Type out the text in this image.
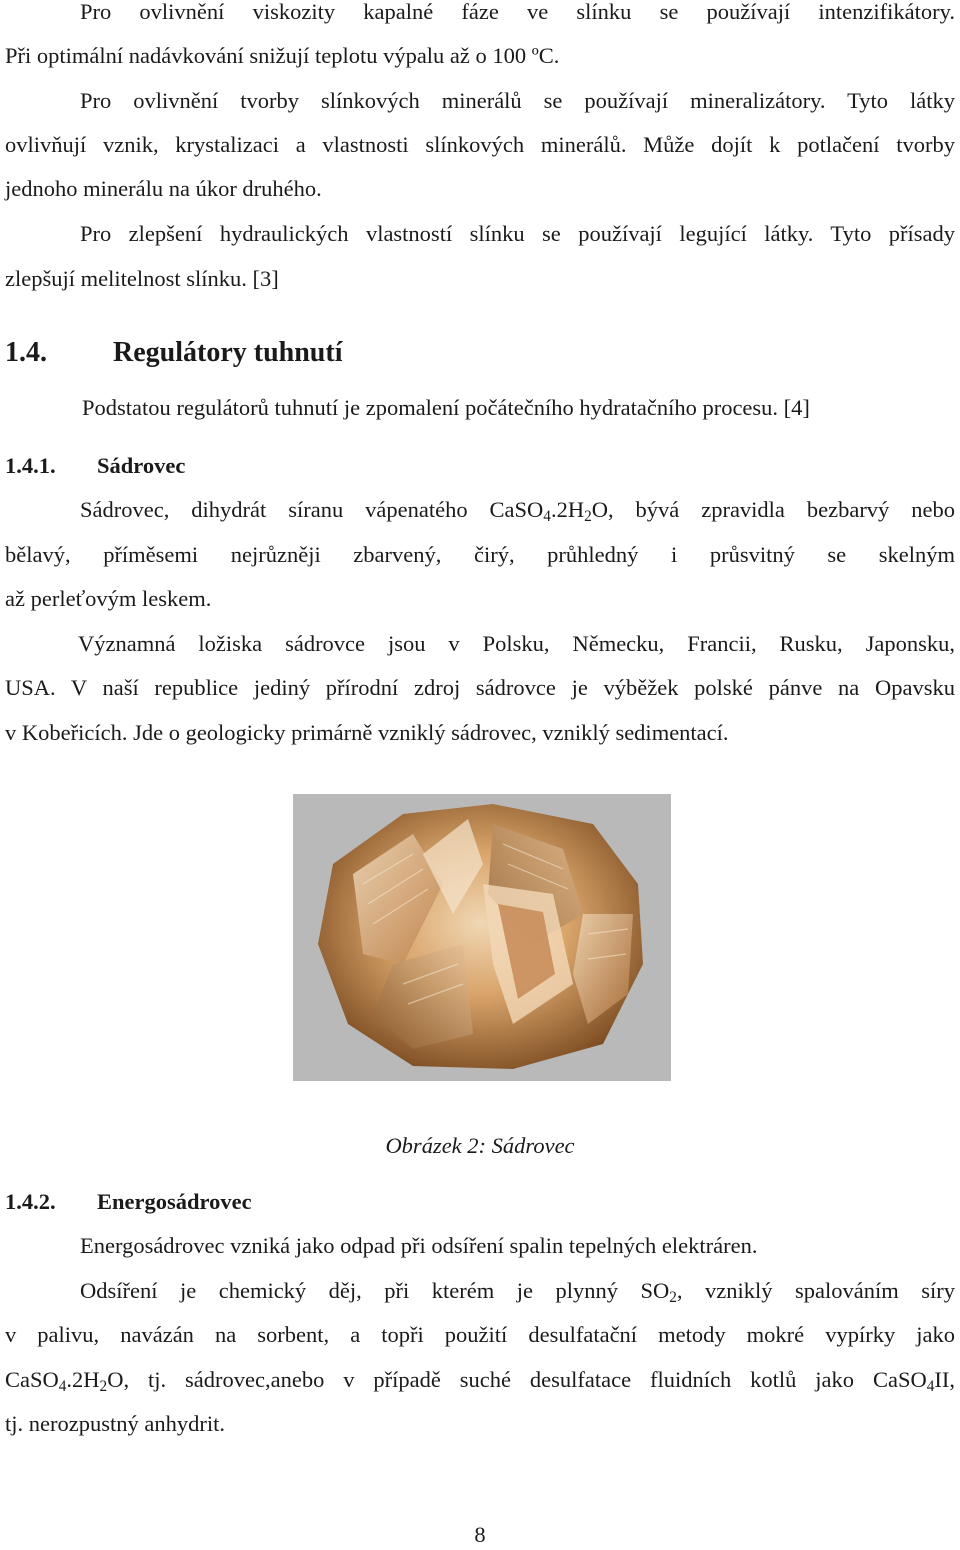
Pro ovlivnění viskozity kapalné fáze ve slínku se používají intenzifikátory.
Při optimální nadávkování snižují teplotu výpalu až o 100 ºC.
Pro ovlivnění tvorby slínkových minerálů se používají mineralizátory. Tyto látky
ovlivňují vznik, krystalizaci a vlastnosti slínkových minerálů. Může dojít k potlačení tvorby
jednoho minerálu na úkor druhého.
Pro zlepšení hydraulických vlastností slínku se používají legující látky. Tyto přísady
zlepšují melitelnost slínku. [3]
1.4. Regulátory tuhnutí
Podstatou regulátorů tuhnutí je zpomalení počátečního hydratačního procesu. [4]
1.4.1. Sádrovec
Sádrovec, dihydrát síranu vápenatého $CaSO_4.2H_2O$, bývá zpravidla bezbarvý nebo
bělavý, příměsemi nejrůzněji zbarvený, čirý, průhledný i průsvitný se skelným
až perleťovým leskem.
Významná ložiska sádrovce jsou v Polsku, Německu, Francii, Rusku, Japonsku,
USA. V naší republice jediný přírodní zdroj sádrovce je výběžek polské pánve na Opavsku
v Kobeřicích. Jde o geologicky primárně vzniklý sádrovec, vzniklý sedimentací.
Obrázek 2: Sádrovec
1.4.2. Energosádrovec
Energosádrovec vzniká jako odpad při odsíření spalin tepelných elektráren.
Odsíření je chemický děj, při kterém je plynný $SO_2$, vzniklý spalováním síry
v palivu, navázán na sorbent, a topři použití desulfatační metody mokré vypírky jako
$CaSO_4.2H_2O$, tj. sádrovec,anebo v případě suché desulfatace fluidních kotlů jako CaSO$_4$II,
tj. nerozpustný anhydrit.
8
